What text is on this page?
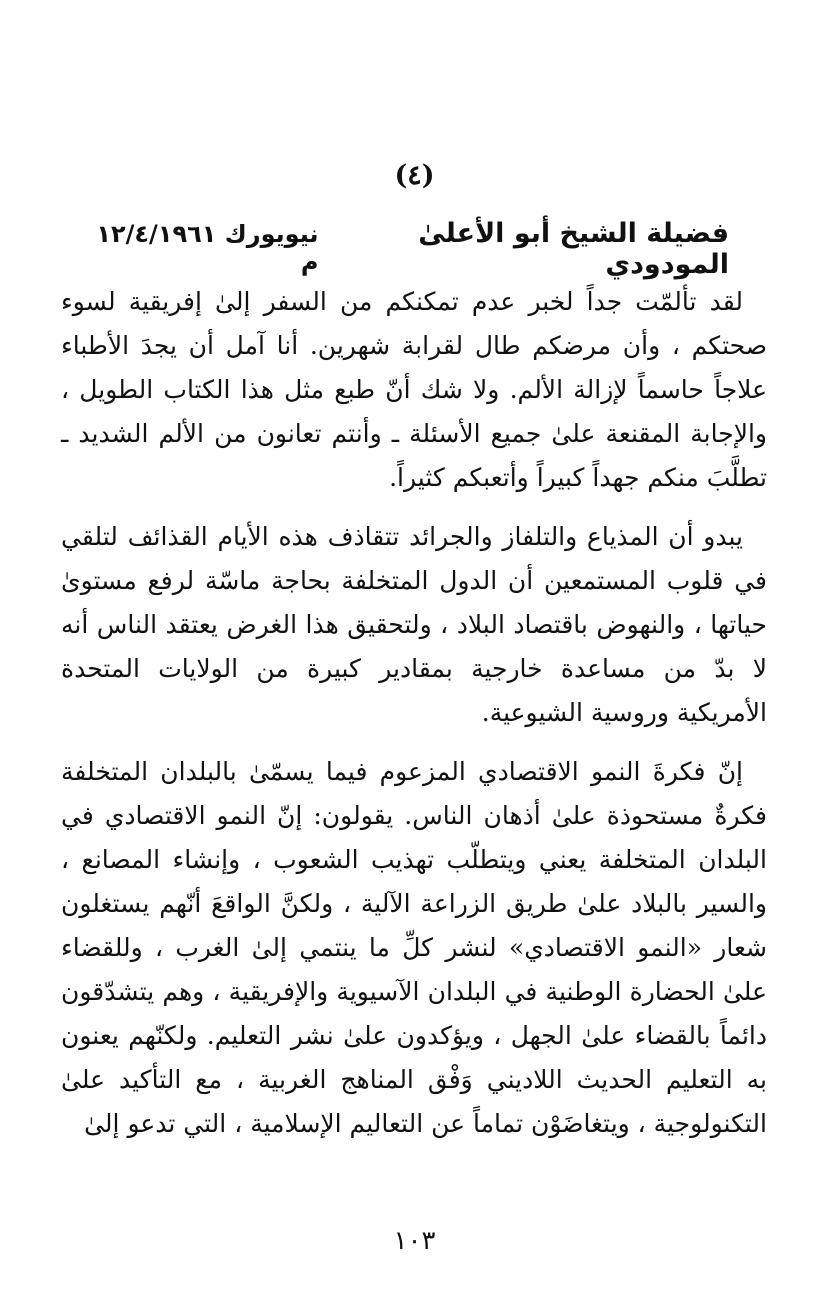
(٤)
فضيلة الشيخ أبو الأعلىٰ المودودي
نيويورك ١٢/٤/١٩٦١ م

لقد تألمّت جداً لخبر عدم تمكنكم من السفر إلىٰ إفريقية لسوء صحتكم ، وأن مرضكم طال لقرابة شهرين. أنا آمل أن يجدَ الأطباء علاجاً حاسماً لإزالة الألم. ولا شك أنّ طبع مثل هذا الكتاب الطويل ، والإجابة المقنعة علىٰ جميع الأسئلة ـ وأنتم تعانون من الألم الشديد ـ تطلَّبَ منكم جهداً كبيراً وأتعبكم كثيراً.

يبدو أن المذياع والتلفاز والجرائد تتقاذف هذه الأيام القذائف لتلقي في قلوب المستمعين أن الدول المتخلفة بحاجة ماسّة لرفع مستوىٰ حياتها ، والنهوض باقتصاد البلاد ، ولتحقيق هذا الغرض يعتقد الناس أنه لا بدّ من مساعدة خارجية بمقادير كبيرة من الولايات المتحدة الأمريكية وروسية الشيوعية.

إنّ فكرةَ النمو الاقتصادي المزعوم فيما يسمّىٰ بالبلدان المتخلفة فكرةٌ مستحوذة علىٰ أذهان الناس. يقولون: إنّ النمو الاقتصادي في البلدان المتخلفة يعني ويتطلّب تهذيب الشعوب ، وإنشاء المصانع ، والسير بالبلاد علىٰ طريق الزراعة الآلية ، ولكنَّ الواقعَ أنّهم يستغلون شعار «النمو الاقتصادي» لنشر كلِّ ما ينتمي إلىٰ الغرب ، وللقضاء علىٰ الحضارة الوطنية في البلدان الآسيوية والإفريقية ، وهم يتشدّقون دائماً بالقضاء علىٰ الجهل ، ويؤكدون علىٰ نشر التعليم. ولكنّهم يعنون به التعليم الحديث اللاديني وَفْق المناهج الغربية ، مع التأكيد علىٰ التكنولوجية ، ويتغاضَوْن تماماً عن التعاليم الإسلامية ، التي تدعو إلىٰ

١٠٣
